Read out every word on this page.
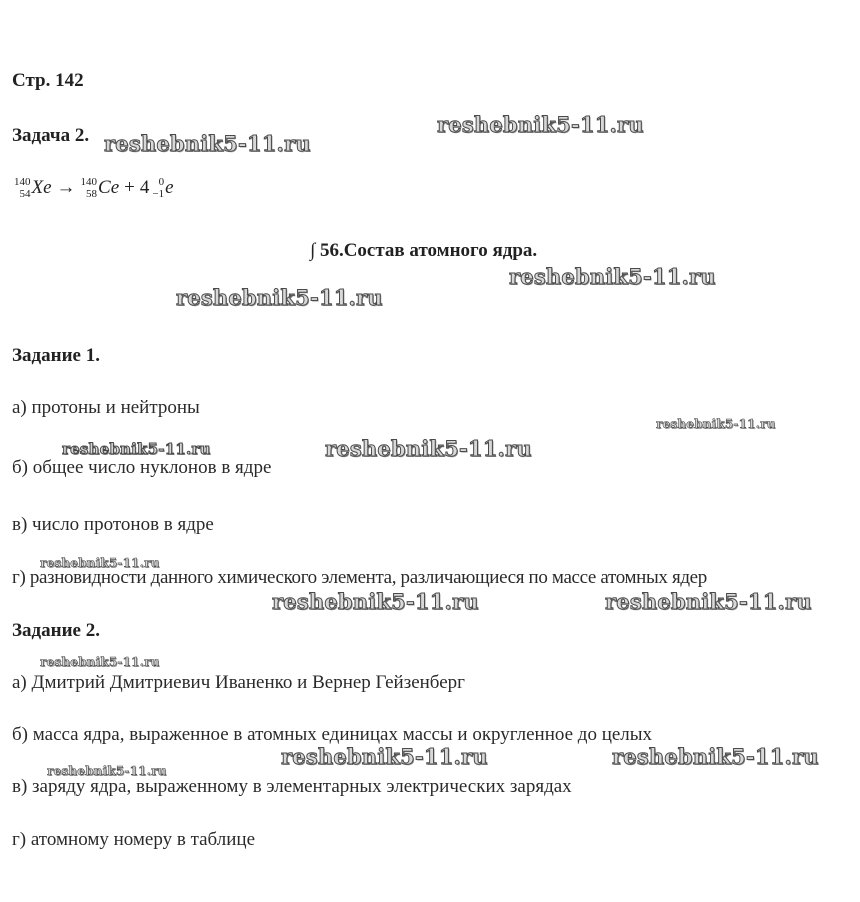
Стр. 142
Задача 2.
140
54 Xe → 140
58 Ce + 4 0
−1 e
∫ 56.Состав атомного ядра.
Задание 1.
а) протоны и нейтроны
б) общее число нуклонов в ядре
в) число протонов в ядре
г) разновидности данного химического элемента, различающиеся по массе атомных ядер
Задание 2.
а) Дмитрий Дмитриевич Иваненко и Вернер Гейзенберг
б) масса ядра, выраженное в атомных единицах массы и округленное до целых
в) заряду ядра, выраженному в элементарных электрических зарядах
г) атомному номеру в таблице
reshebnik5-11.ru
reshebnik5-11.ru
reshebnik5-11.ru
reshebnik5-11.ru
reshebnik5-11.ru
reshebnik5-11.ru	reshebnik5-11.ru
reshebnik5-11.ru
reshebnik5-11.ru	reshebnik5-11.ru
reshebnik5-11.ru
reshebnik5-11.ru	reshebnik5-11.ru
reshebnik5-11.ru
